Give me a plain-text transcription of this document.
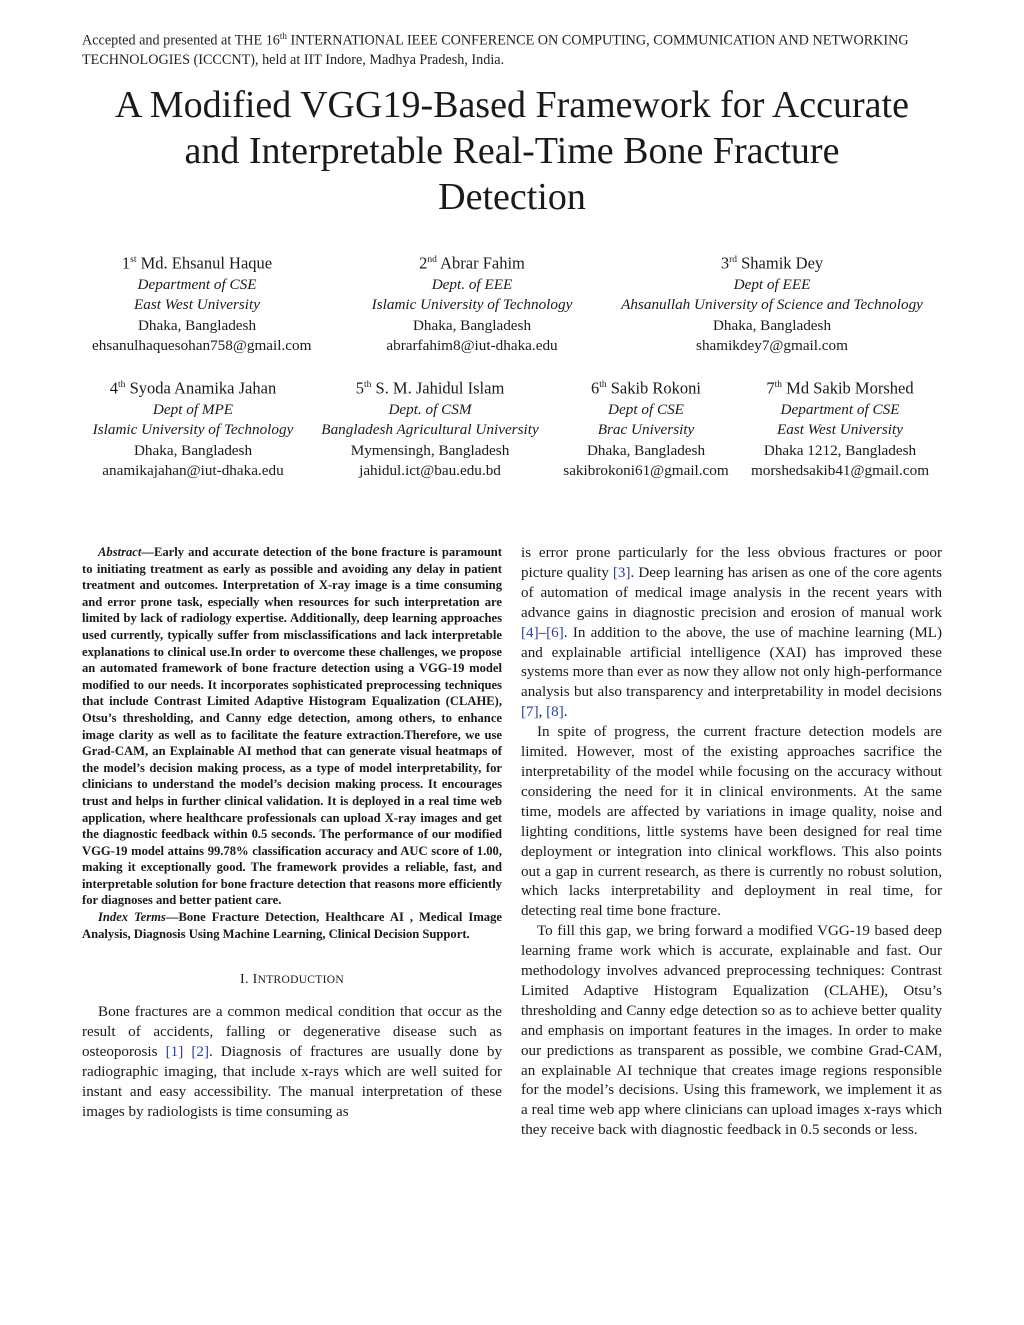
Accepted and presented at THE 16th INTERNATIONAL IEEE CONFERENCE ON COMPUTING, COMMUNICATION AND NETWORKING TECHNOLOGIES (ICCCNT), held at IIT Indore, Madhya Pradesh, India.
A Modified VGG19-Based Framework for Accurate
and Interpretable Real-Time Bone Fracture
Detection
1st Md. Ehsanul Haque
Department of CSE
East West University
Dhaka, Bangladesh
ehsanulhaquesohan758@gmail.com
2nd Abrar Fahim
Dept. of EEE
Islamic University of Technology
Dhaka, Bangladesh
abrarfahim8@iut-dhaka.edu
3rd Shamik Dey
Dept of EEE
Ahsanullah University of Science and Technology
Dhaka, Bangladesh
shamikdey7@gmail.com
4th Syoda Anamika Jahan
Dept of MPE
Islamic University of Technology
Dhaka, Bangladesh
anamikajahan@iut-dhaka.edu
5th S. M. Jahidul Islam
Dept. of CSM
Bangladesh Agricultural University
Mymensingh, Bangladesh
jahidul.ict@bau.edu.bd
6th Sakib Rokoni
Dept of CSE
Brac University
Dhaka, Bangladesh
sakibrokoni61@gmail.com
7th Md Sakib Morshed
Department of CSE
East West University
Dhaka 1212, Bangladesh
morshedsakib41@gmail.com

Abstract—Early and accurate detection of the bone fracture is paramount to initiating treatment as early as possible and avoiding any delay in patient treatment and outcomes. Interpretation of X-ray image is a time consuming and error prone task, especially when resources for such interpretation are limited by lack of radiology expertise. Additionally, deep learning approaches used currently, typically suffer from misclassifications and lack interpretable explanations to clinical use.In order to overcome these challenges, we propose an automated framework of bone fracture detection using a VGG-19 model modified to our needs. It incorporates sophisticated preprocessing techniques that include Contrast Limited Adaptive Histogram Equalization (CLAHE), Otsu’s thresholding, and Canny edge detection, among others, to enhance image clarity as well as to facilitate the feature extraction.Therefore, we use Grad-CAM, an Explainable AI method that can generate visual heatmaps of the model’s decision making process, as a type of model interpretability, for clinicians to understand the model’s decision making process. It encourages trust and helps in further clinical validation. It is deployed in a real time web application, where healthcare professionals can upload X-ray images and get the diagnostic feedback within 0.5 seconds. The performance of our modified VGG-19 model attains 99.78% classification accuracy and AUC score of 1.00, making it exceptionally good. The framework provides a reliable, fast, and interpretable solution for bone fracture detection that reasons more efficiently for diagnoses and better patient care.

Index Terms—Bone Fracture Detection, Healthcare AI , Medical Image Analysis, Diagnosis Using Machine Learning, Clinical Decision Support.

I. INTRODUCTION

Bone fractures are a common medical condition that occur as the result of accidents, falling or degenerative disease such as osteoporosis [1] [2]. Diagnosis of fractures are usually done by radiographic imaging, that include x-rays which are well suited for instant and easy accessibility. The manual interpretation of these images by radiologists is time consuming as

is error prone particularly for the less obvious fractures or poor picture quality [3]. Deep learning has arisen as one of the core agents of automation of medical image analysis in the recent years with advance gains in diagnostic precision and erosion of manual work [4]–[6]. In addition to the above, the use of machine learning (ML) and explainable artificial intelligence (XAI) has improved these systems more than ever as now they allow not only high-performance analysis but also transparency and interpretability in model decisions [7], [8].

In spite of progress, the current fracture detection models are limited. However, most of the existing approaches sacrifice the interpretability of the model while focusing on the accuracy without considering the need for it in clinical environments. At the same time, models are affected by variations in image quality, noise and lighting conditions, little systems have been designed for real time deployment or integration into clinical workflows. This also points out a gap in current research, as there is currently no robust solution, which lacks interpretability and deployment in real time, for detecting real time bone fracture.

To fill this gap, we bring forward a modified VGG-19 based deep learning frame work which is accurate, explainable and fast. Our methodology involves advanced preprocessing techniques: Contrast Limited Adaptive Histogram Equalization (CLAHE), Otsu’s thresholding and Canny edge detection so as to achieve better quality and emphasis on important features in the images. In order to make our predictions as transparent as possible, we combine Grad-CAM, an explainable AI technique that creates image regions responsible for the model’s decisions. Using this framework, we implement it as a real time web app where clinicians can upload images x-rays which they receive back with diagnostic feedback in 0.5 seconds or less.
